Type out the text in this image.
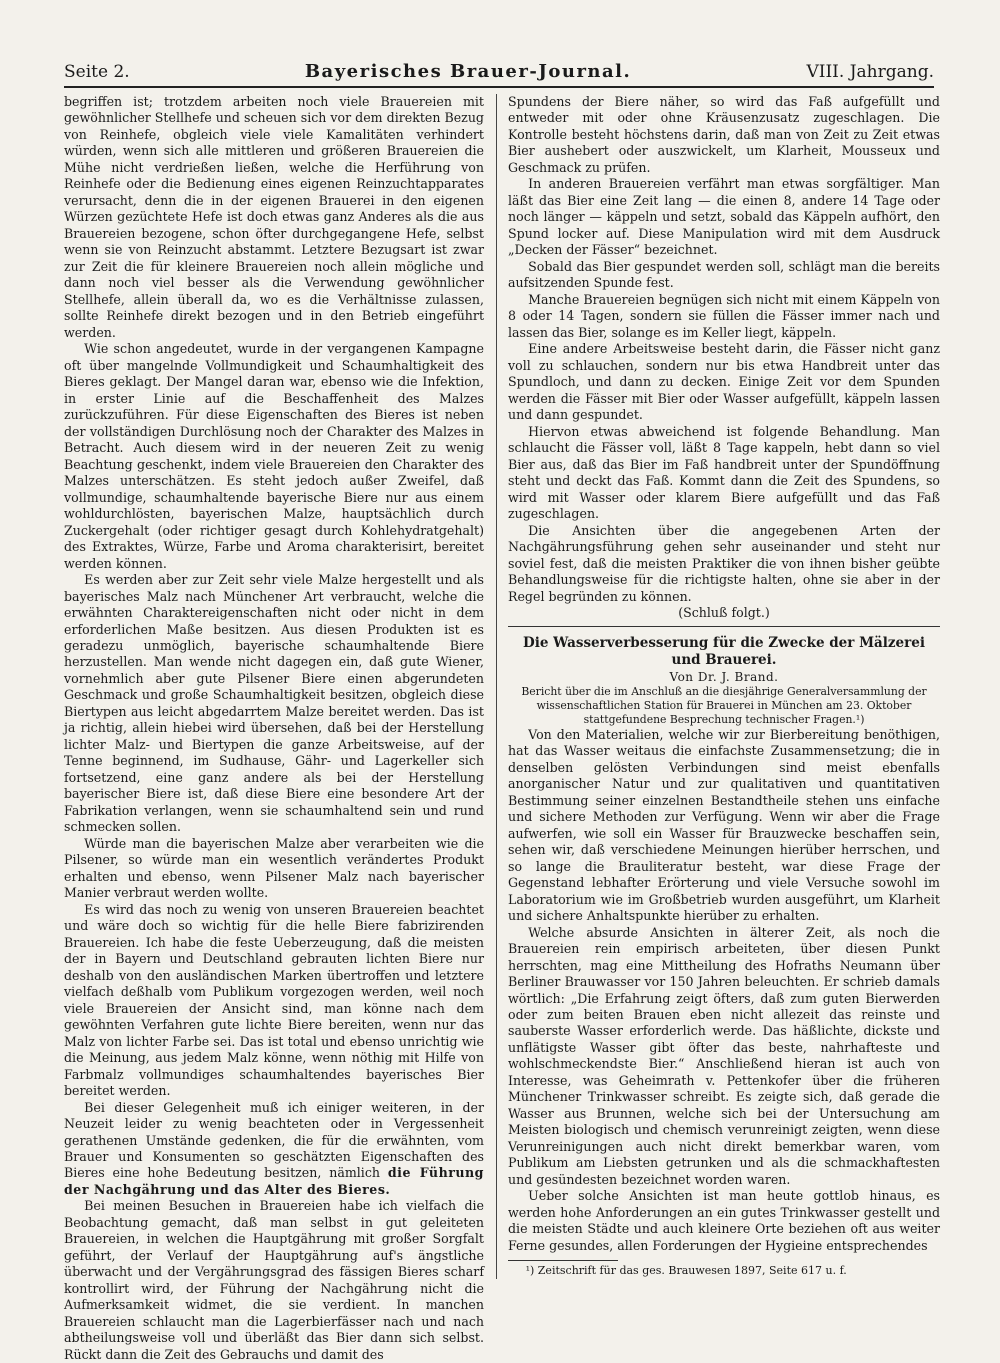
Seite 2.	Bayerisches Brauer-Journal.	VIII. Jahrgang.

begriffen ist; trotzdem arbeiten noch viele Brauereien mit gewöhnlicher Stellhefe und scheuen sich vor dem direkten Bezug von Reinhefe, obgleich viele viele Kamalitäten verhindert würden, wenn sich alle mittleren und größeren Brauereien die Mühe nicht verdrießen ließen, welche die Herführung von Reinhefe oder die Bedienung eines eigenen Reinzuchtapparates verursacht, denn die in der eigenen Brauerei in den eigenen Würzen gezüchtete Hefe ist doch etwas ganz Anderes als die aus Brauereien bezogene, schon öfter durchgegangene Hefe, selbst wenn sie von Reinzucht abstammt. Letztere Bezugsart ist zwar zur Zeit die für kleinere Brauereien noch allein mögliche und dann noch viel besser als die Verwendung gewöhnlicher Stellhefe, allein überall da, wo es die Verhältnisse zulassen, sollte Reinhefe direkt bezogen und in den Betrieb eingeführt werden.

Wie schon angedeutet, wurde in der vergangenen Kampagne oft über mangelnde Vollmundigkeit und Schaumhaltigkeit des Bieres geklagt. Der Mangel daran war, ebenso wie die Infektion, in erster Linie auf die Beschaffenheit des Malzes zurückzuführen. Für diese Eigenschaften des Bieres ist neben der vollständigen Durchlösung noch der Charakter des Malzes in Betracht. Auch diesem wird in der neueren Zeit zu wenig Beachtung geschenkt, indem viele Brauereien den Charakter des Malzes unterschätzen. Es steht jedoch außer Zweifel, daß vollmundige, schaumhaltende bayerische Biere nur aus einem wohldurchlösten, bayerischen Malze, hauptsächlich durch Zuckergehalt (oder richtiger gesagt durch Kohlehydratgehalt) des Extraktes, Würze, Farbe und Aroma charakterisirt, bereitet werden können.

Es werden aber zur Zeit sehr viele Malze hergestellt und als bayerisches Malz nach Münchener Art verbraucht, welche die erwähnten Charaktereigenschaften nicht oder nicht in dem erforderlichen Maße besitzen. Aus diesen Produkten ist es geradezu unmöglich, bayerische schaumhaltende Biere herzustellen. Man wende nicht dagegen ein, daß gute Wiener, vornehmlich aber gute Pilsener Biere einen abgerundeten Geschmack und große Schaumhaltigkeit besitzen, obgleich diese Biertypen aus leicht abgedarrtem Malze bereitet werden. Das ist ja richtig, allein hiebei wird übersehen, daß bei der Herstellung lichter Malz- und Biertypen die ganze Arbeitsweise, auf der Tenne beginnend, im Sudhause, Gähr- und Lagerkeller sich fortsetzend, eine ganz andere als bei der Herstellung bayerischer Biere ist, daß diese Biere eine besondere Art der Fabrikation verlangen, wenn sie schaumhaltend sein und rund schmecken sollen.

Würde man die bayerischen Malze aber verarbeiten wie die Pilsener, so würde man ein wesentlich verändertes Produkt erhalten und ebenso, wenn Pilsener Malz nach bayerischer Manier verbraut werden wollte.

Es wird das noch zu wenig von unseren Brauereien beachtet und wäre doch so wichtig für die helle Biere fabrizirenden Brauereien. Ich habe die feste Ueberzeugung, daß die meisten der in Bayern und Deutschland gebrauten lichten Biere nur deshalb von den ausländischen Marken übertroffen und letztere vielfach deßhalb vom Publikum vorgezogen werden, weil noch viele Brauereien der Ansicht sind, man könne nach dem gewöhnten Verfahren gute lichte Biere bereiten, wenn nur das Malz von lichter Farbe sei. Das ist total und ebenso unrichtig wie die Meinung, aus jedem Malz könne, wenn nöthig mit Hilfe von Farbmalz vollmundiges schaumhaltendes bayerisches Bier bereitet werden.

Bei dieser Gelegenheit muß ich einiger weiteren, in der Neuzeit leider zu wenig beachteten oder in Vergessenheit gerathenen Umstände gedenken, die für die erwähnten, vom Brauer und Konsumenten so geschätzten Eigenschaften des Bieres eine hohe Bedeutung besitzen, nämlich die Führung der Nachgährung und das Alter des Bieres.

Bei meinen Besuchen in Brauereien habe ich vielfach die Beobachtung gemacht, daß man selbst in gut geleiteten Brauereien, in welchen die Hauptgährung mit großer Sorgfalt geführt, der Verlauf der Hauptgährung auf's ängstliche überwacht und der Vergährungsgrad des fässigen Bieres scharf kontrollirt wird, der Führung der Nachgährung nicht die Aufmerksamkeit widmet, die sie verdient. In manchen Brauereien schlaucht man die Lagerbierfässer nach und nach abtheilungsweise voll und überläßt das Bier dann sich selbst. Rückt dann die Zeit des Gebrauchs und damit des

Spundens der Biere näher, so wird das Faß aufgefüllt und entweder mit oder ohne Kräusenzusatz zugeschlagen. Die Kontrolle besteht höchstens darin, daß man von Zeit zu Zeit etwas Bier aushebert oder auszwickelt, um Klarheit, Mousseux und Geschmack zu prüfen.

In anderen Brauereien verfährt man etwas sorgfältiger. Man läßt das Bier eine Zeit lang — die einen 8, andere 14 Tage oder noch länger — käppeln und setzt, sobald das Käppeln aufhört, den Spund locker auf. Diese Manipulation wird mit dem Ausdruck „Decken der Fässer“ bezeichnet.

Sobald das Bier gespundet werden soll, schlägt man die bereits aufsitzenden Spunde fest.

Manche Brauereien begnügen sich nicht mit einem Käppeln von 8 oder 14 Tagen, sondern sie füllen die Fässer immer nach und lassen das Bier, solange es im Keller liegt, käppeln.

Eine andere Arbeitsweise besteht darin, die Fässer nicht ganz voll zu schlauchen, sondern nur bis etwa Handbreit unter das Spundloch, und dann zu decken. Einige Zeit vor dem Spunden werden die Fässer mit Bier oder Wasser aufgefüllt, käppeln lassen und dann gespundet.

Hiervon etwas abweichend ist folgende Behandlung. Man schlaucht die Fässer voll, läßt 8 Tage kappeln, hebt dann so viel Bier aus, daß das Bier im Faß handbreit unter der Spundöffnung steht und deckt das Faß. Kommt dann die Zeit des Spundens, so wird mit Wasser oder klarem Biere aufgefüllt und das Faß zugeschlagen.

Die Ansichten über die angegebenen Arten der Nachgährungsführung gehen sehr auseinander und steht nur soviel fest, daß die meisten Praktiker die von ihnen bisher geübte Behandlungsweise für die richtigste halten, ohne sie aber in der Regel begründen zu können.

(Schluß folgt.)

Die Wasserverbesserung für die Zwecke der Mälzerei

und Brauerei.

Von Dr. J. Brand.

Bericht über die im Anschluß an die diesjährige Generalversammlung der wissenschaftlichen Station für Brauerei in München am 23. Oktober stattgefundene Besprechung technischer Fragen.¹)

Von den Materialien, welche wir zur Bierbereitung benöthigen, hat das Wasser weitaus die einfachste Zusammensetzung; die in denselben gelösten Verbindungen sind meist ebenfalls anorganischer Natur und zur qualitativen und quantitativen Bestimmung seiner einzelnen Bestandtheile stehen uns einfache und sichere Methoden zur Verfügung. Wenn wir aber die Frage aufwerfen, wie soll ein Wasser für Brauzwecke beschaffen sein, sehen wir, daß verschiedene Meinungen hierüber herrschen, und so lange die Brauliteratur besteht, war diese Frage der Gegenstand lebhafter Erörterung und viele Versuche sowohl im Laboratorium wie im Großbetrieb wurden ausgeführt, um Klarheit und sichere Anhaltspunkte hierüber zu erhalten.

Welche absurde Ansichten in älterer Zeit, als noch die Brauereien rein empirisch arbeiteten, über diesen Punkt herrschten, mag eine Mittheilung des Hofraths Neumann über Berliner Brauwasser vor 150 Jahren beleuchten. Er schrieb damals wörtlich: „Die Erfahrung zeigt öfters, daß zum guten Bierwerden oder zum beiten Brauen eben nicht allezeit das reinste und sauberste Wasser erforderlich werde. Das häßlichte, dickste und unflätigste Wasser gibt öfter das beste, nahrhafteste und wohlschmeckendste Bier.“ Anschließend hieran ist auch von Interesse, was Geheimrath v. Pettenkofer über die früheren Münchener Trinkwasser schreibt. Es zeigte sich, daß gerade die Wasser aus Brunnen, welche sich bei der Untersuchung am Meisten biologisch und chemisch verunreinigt zeigten, wenn diese Verunreinigungen auch nicht direkt bemerkbar waren, vom Publikum am Liebsten getrunken und als die schmackhaftesten und gesündesten bezeichnet worden waren.

Ueber solche Ansichten ist man heute gottlob hinaus, es werden hohe Anforderungen an ein gutes Trinkwasser gestellt und die meisten Städte und auch kleinere Orte beziehen oft aus weiter Ferne gesundes, allen Forderungen der Hygieine entsprechendes

¹) Zeitschrift für das ges. Brauwesen 1897, Seite 617 u. f.
